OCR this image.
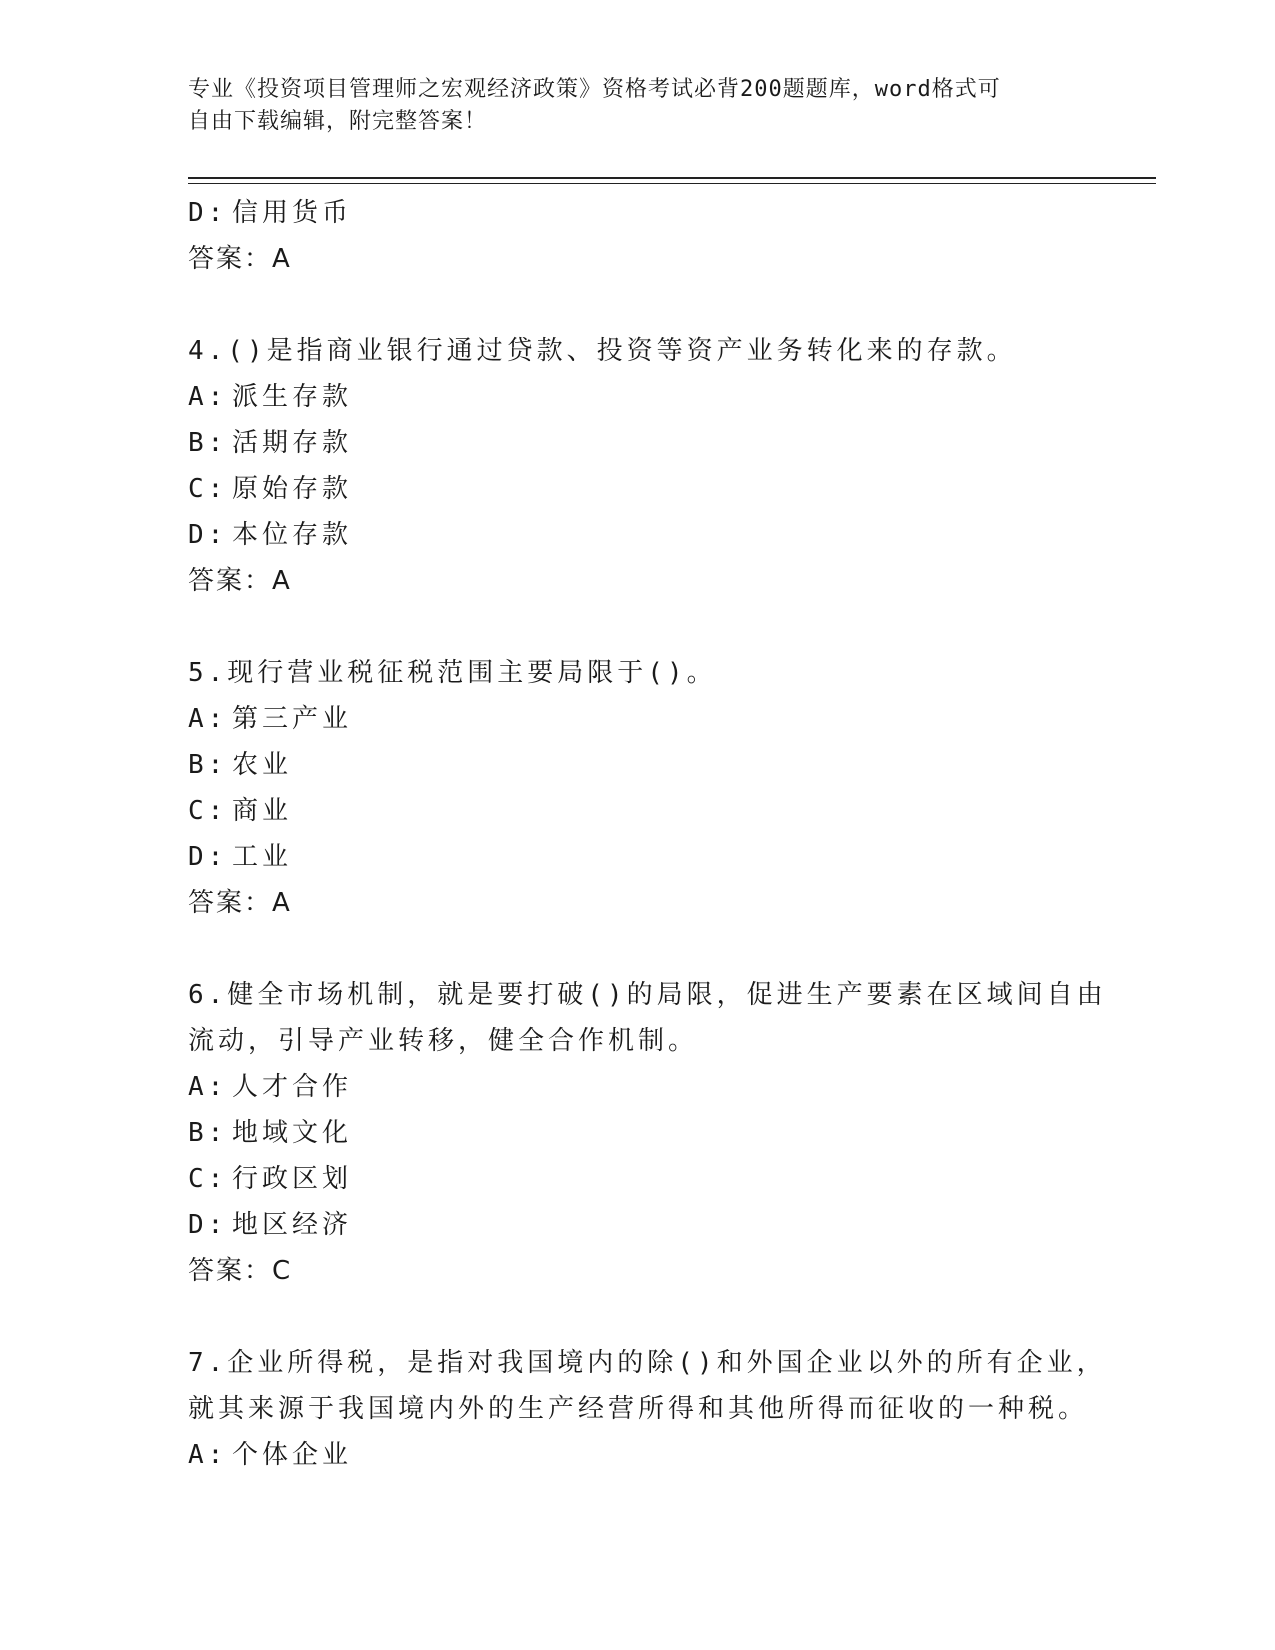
专业《投资项目管理师之宏观经济政策》资格考试必背200题题库，word格式可
自由下载编辑，附完整答案！
D: 信用货币
答案：A
4.()是指商业银行通过贷款、投资等资产业务转化来的存款。
A: 派生存款
B: 活期存款
C: 原始存款
D: 本位存款
答案：A
5.现行营业税征税范围主要局限于()。
A: 第三产业
B: 农业
C: 商业
D: 工业
答案：A
6.健全市场机制，就是要打破()的局限，促进生产要素在区域间自由
流动，引导产业转移，健全合作机制。
A: 人才合作
B: 地域文化
C: 行政区划
D: 地区经济
答案：C
7.企业所得税，是指对我国境内的除()和外国企业以外的所有企业，
就其来源于我国境内外的生产经营所得和其他所得而征收的一种税。
A: 个体企业
